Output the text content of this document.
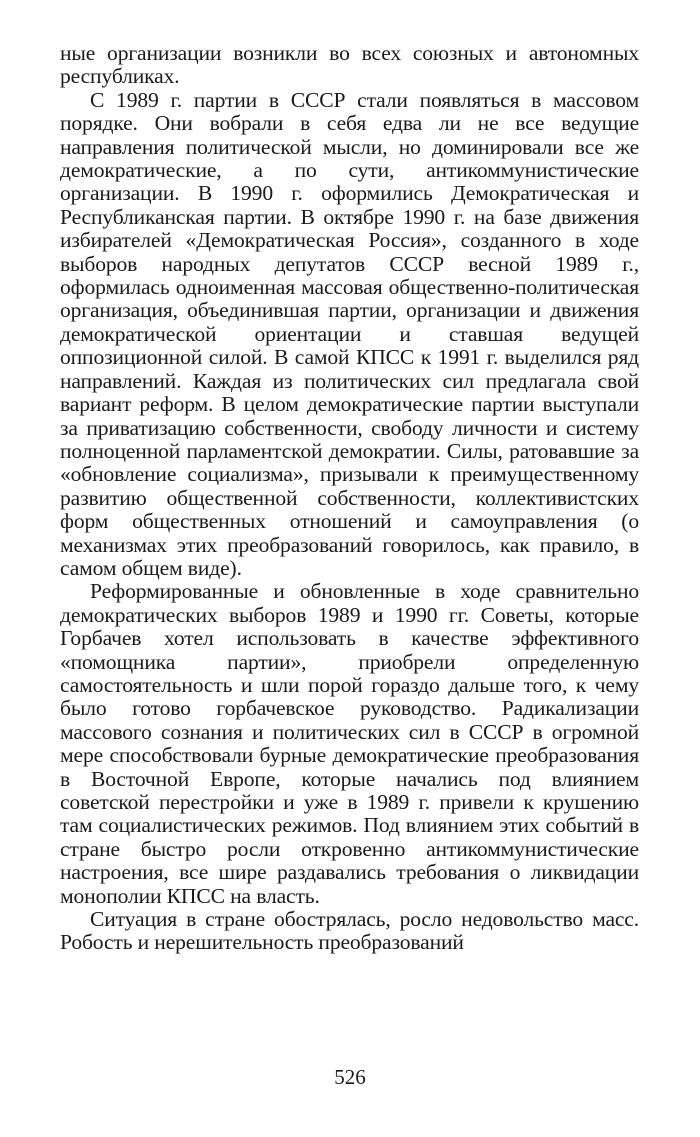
ные организации возникли во всех союзных и автономных республиках.

С 1989 г. партии в СССР стали появляться в массовом порядке. Они вобрали в себя едва ли не все ведущие направления политической мысли, но доминировали все же демократические, а по сути, антикоммунистические организации. В 1990 г. оформились Демократическая и Республиканская партии. В октябре 1990 г. на базе движения избирателей «Демократическая Россия», созданного в ходе выборов народных депутатов СССР весной 1989 г., оформилась одноименная массовая общественно-политическая организация, объединившая партии, организации и движения демократической ориентации и ставшая ведущей оппозиционной силой. В самой КПСС к 1991 г. выделился ряд направлений. Каждая из политических сил предлагала свой вариант реформ. В целом демократические партии выступали за приватизацию собственности, свободу личности и систему полноценной парламентской демократии. Силы, ратовавшие за «обновление социализма», призывали к преимущественному развитию общественной собственности, коллективистских форм общественных отношений и самоуправления (о механизмах этих преобразований говорилось, как правило, в самом общем виде).

Реформированные и обновленные в ходе сравнительно демократических выборов 1989 и 1990 гг. Советы, которые Горбачев хотел использовать в качестве эффективного «помощника партии», приобрели определенную самостоятельность и шли порой гораздо дальше того, к чему было готово горбачевское руководство. Радикализации массового сознания и политических сил в СССР в огромной мере способствовали бурные демократические преобразования в Восточной Европе, которые начались под влиянием советской перестройки и уже в 1989 г. привели к крушению там социалистических режимов. Под влиянием этих событий в стране быстро росли откровенно антикоммунистические настроения, все шире раздавались требования о ликвидации монополии КПСС на власть.

Ситуация в стране обострялась, росло недовольство масс. Робость и нерешительность преобразований

526
